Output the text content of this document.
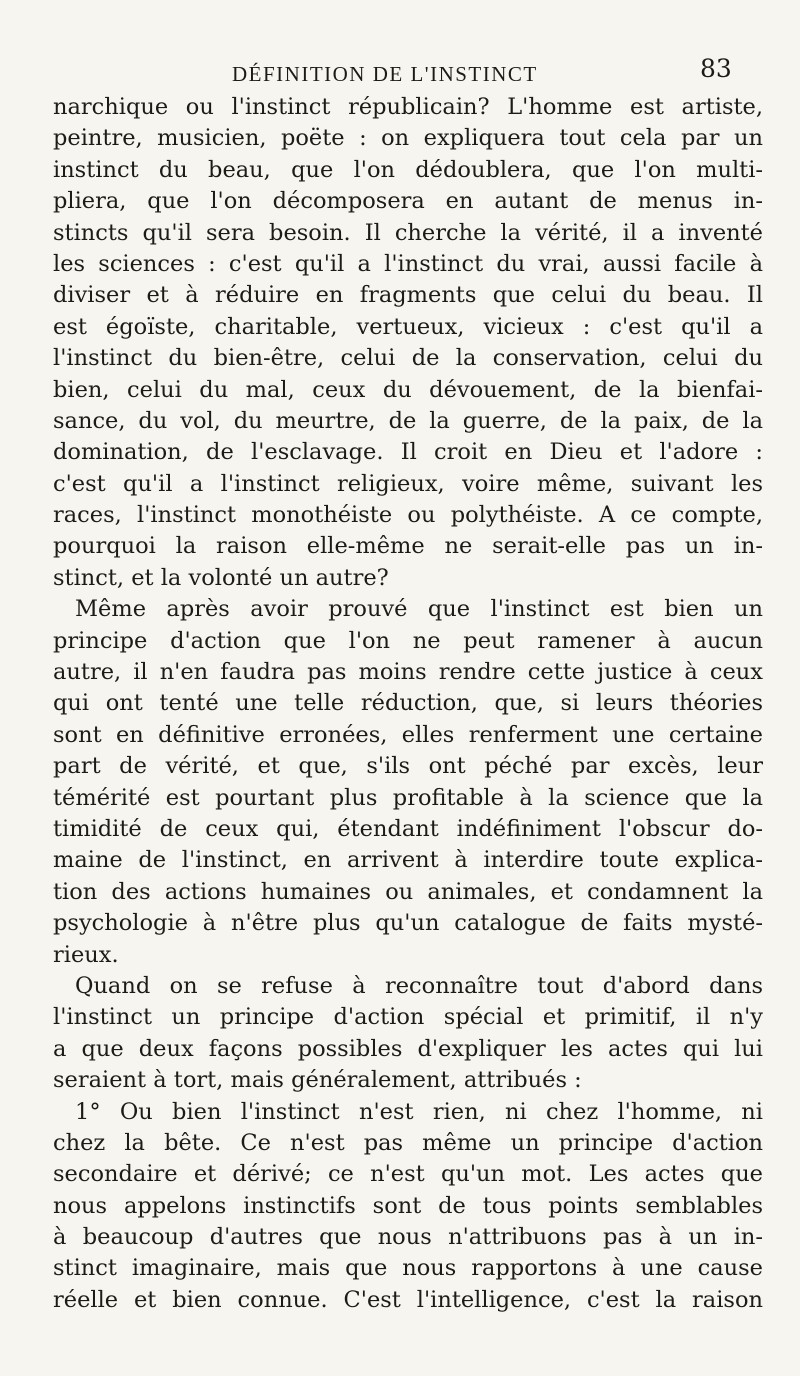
DÉFINITION DE L'INSTINCT	83
narchique ou l'instinct républicain? L'homme est artiste,
peintre, musicien, poëte : on expliquera tout cela par un
instinct du beau, que l'on dédoublera, que l'on multi-
pliera, que l'on décomposera en autant de menus in-
stincts qu'il sera besoin. Il cherche la vérité, il a inventé
les sciences : c'est qu'il a l'instinct du vrai, aussi facile à
diviser et à réduire en fragments que celui du beau. Il
est égoïste, charitable, vertueux, vicieux : c'est qu'il a
l'instinct du bien-être, celui de la conservation, celui du
bien, celui du mal, ceux du dévouement, de la bienfai-
sance, du vol, du meurtre, de la guerre, de la paix, de la
domination, de l'esclavage. Il croit en Dieu et l'adore :
c'est qu'il a l'instinct religieux, voire même, suivant les
races, l'instinct monothéiste ou polythéiste. A ce compte,
pourquoi la raison elle-même ne serait-elle pas un in-
stinct, et la volonté un autre?
Même après avoir prouvé que l'instinct est bien un
principe d'action que l'on ne peut ramener à aucun
autre, il n'en faudra pas moins rendre cette justice à ceux
qui ont tenté une telle réduction, que, si leurs théories
sont en définitive erronées, elles renferment une certaine
part de vérité, et que, s'ils ont péché par excès, leur
témérité est pourtant plus profitable à la science que la
timidité de ceux qui, étendant indéfiniment l'obscur do-
maine de l'instinct, en arrivent à interdire toute explica-
tion des actions humaines ou animales, et condamnent la
psychologie à n'être plus qu'un catalogue de faits mysté-
rieux.
Quand on se refuse à reconnaître tout d'abord dans
l'instinct un principe d'action spécial et primitif, il n'y
a que deux façons possibles d'expliquer les actes qui lui
seraient à tort, mais généralement, attribués :
1° Ou bien l'instinct n'est rien, ni chez l'homme, ni
chez la bête. Ce n'est pas même un principe d'action
secondaire et dérivé; ce n'est qu'un mot. Les actes que
nous appelons instinctifs sont de tous points semblables
à beaucoup d'autres que nous n'attribuons pas à un in-
stinct imaginaire, mais que nous rapportons à une cause
réelle et bien connue. C'est l'intelligence, c'est la raison
